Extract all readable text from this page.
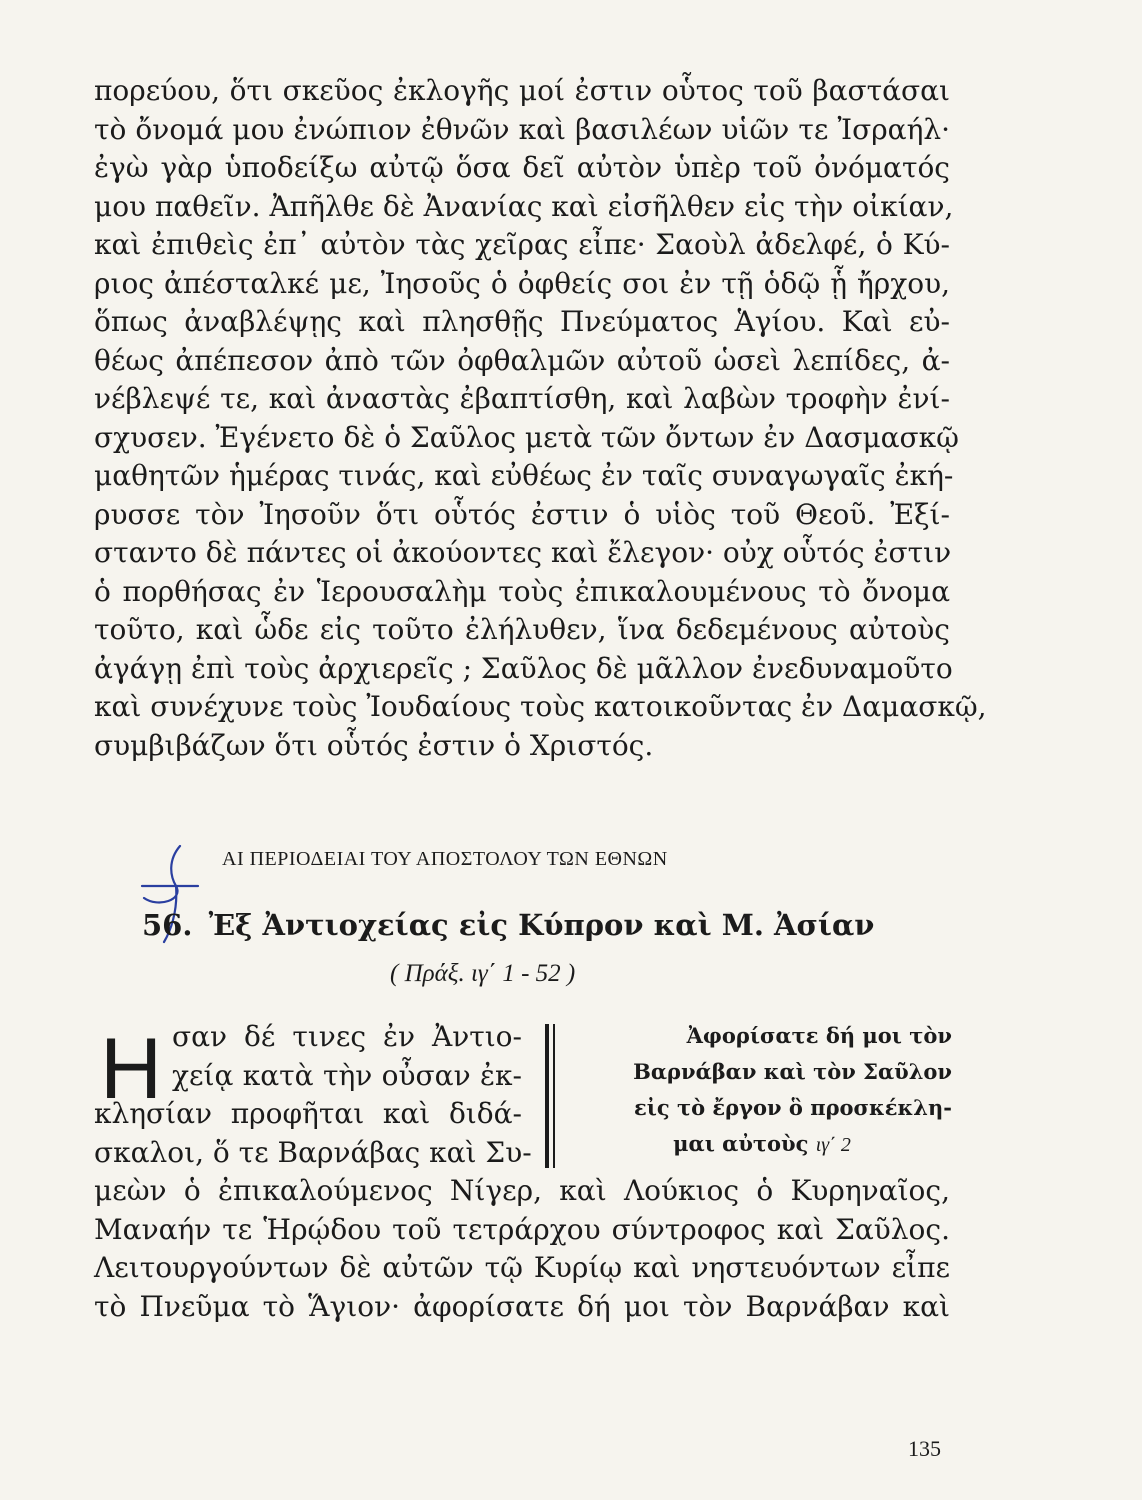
πορεύου, ὅτι σκεῦος ἐκλογῆς μοί ἐστιν οὗτος τοῦ βαστάσαι
τὸ ὄνομά μου ἐνώπιον ἐθνῶν καὶ βασιλέων υἱῶν τε Ἰσραήλ·
ἐγὼ γὰρ ὑποδείξω αὐτῷ ὅσα δεῖ αὐτὸν ὑπὲρ τοῦ ὀνόματός
μου παθεῖν. Ἀπῆλθε δὲ Ἀνανίας καὶ εἰσῆλθεν εἰς τὴν οἰκίαν,
καὶ ἐπιθεὶς ἐπ᾽ αὐτὸν τὰς χεῖρας εἶπε· Σαοὺλ ἀδελφέ, ὁ Κύ-
ριος ἀπέσταλκέ με, Ἰησοῦς ὁ ὀφθείς σοι ἐν τῇ ὁδῷ ᾗ ἤρχου,
ὅπως ἀναβλέψῃς καὶ πλησθῇς Πνεύματος Ἁγίου. Καὶ εὐ-
θέως ἀπέπεσον ἀπὸ τῶν ὀφθαλμῶν αὐτοῦ ὡσεὶ λεπίδες, ἀ-
νέβλεψέ τε, καὶ ἀναστὰς ἐβαπτίσθη, καὶ λαβὼν τροφὴν ἐνί-
σχυσεν. Ἐγένετο δὲ ὁ Σαῦλος μετὰ τῶν ὄντων ἐν Δασμασκῷ
μαθητῶν ἡμέρας τινάς, καὶ εὐθέως ἐν ταῖς συναγωγαῖς ἐκή-
ρυσσε τὸν Ἰησοῦν ὅτι οὗτός ἐστιν ὁ υἱὸς τοῦ Θεοῦ. Ἐξί-
σταντο δὲ πάντες οἱ ἀκούοντες καὶ ἔλεγον· οὐχ οὗτός ἐστιν
ὁ πορθήσας ἐν Ἱερουσαλὴμ τοὺς ἐπικαλουμένους τὸ ὄνομα
τοῦτο, καὶ ὧδε εἰς τοῦτο ἐλήλυθεν, ἵνα δεδεμένους αὐτοὺς
ἀγάγῃ ἐπὶ τοὺς ἀρχιερεῖς ; Σαῦλος δὲ μᾶλλον ἐνεδυναμοῦτο
καὶ συνέχυνε τοὺς Ἰουδαίους τοὺς κατοικοῦντας ἐν Δαμασκῷ,
συμβιβάζων ὅτι οὗτός ἐστιν ὁ Χριστός.

ΑΙ ΠΕΡΙΟΔΕΙΑΙ ΤΟΥ ΑΠΟΣΤΟΛΟΥ ΤΩΝ ΕΘΝΩΝ

56. Ἐξ Ἀντιοχείας εἰς Κύπρον καὶ Μ. Ἀσίαν

( Πράξ. ιγ΄ 1 - 52 )

Η σαν δέ τινες ἐν Ἀντιο-
χείᾳ κατὰ τὴν οὖσαν ἐκ-
κλησίαν προφῆται καὶ διδά-
σκαλοι, ὅ τε Βαρνάβας καὶ Συ-

Ἀφορίσατε δή μοι τὸν
Βαρνάβαν καὶ τὸν Σαῦλον
εἰς τὸ ἔργον ὃ προσκέκλη-
μαι αὐτοὺς ιγ΄ 2

μεὼν ὁ ἐπικαλούμενος Νίγερ, καὶ Λούκιος ὁ Κυρηναῖος,
Μαναήν τε Ἡρῴδου τοῦ τετράρχου σύντροφος καὶ Σαῦλος.
Λειτουργούντων δὲ αὐτῶν τῷ Κυρίῳ καὶ νηστευόντων εἶπε
τὸ Πνεῦμα τὸ Ἅγιον· ἀφορίσατε δή μοι τὸν Βαρνάβαν καὶ

135
